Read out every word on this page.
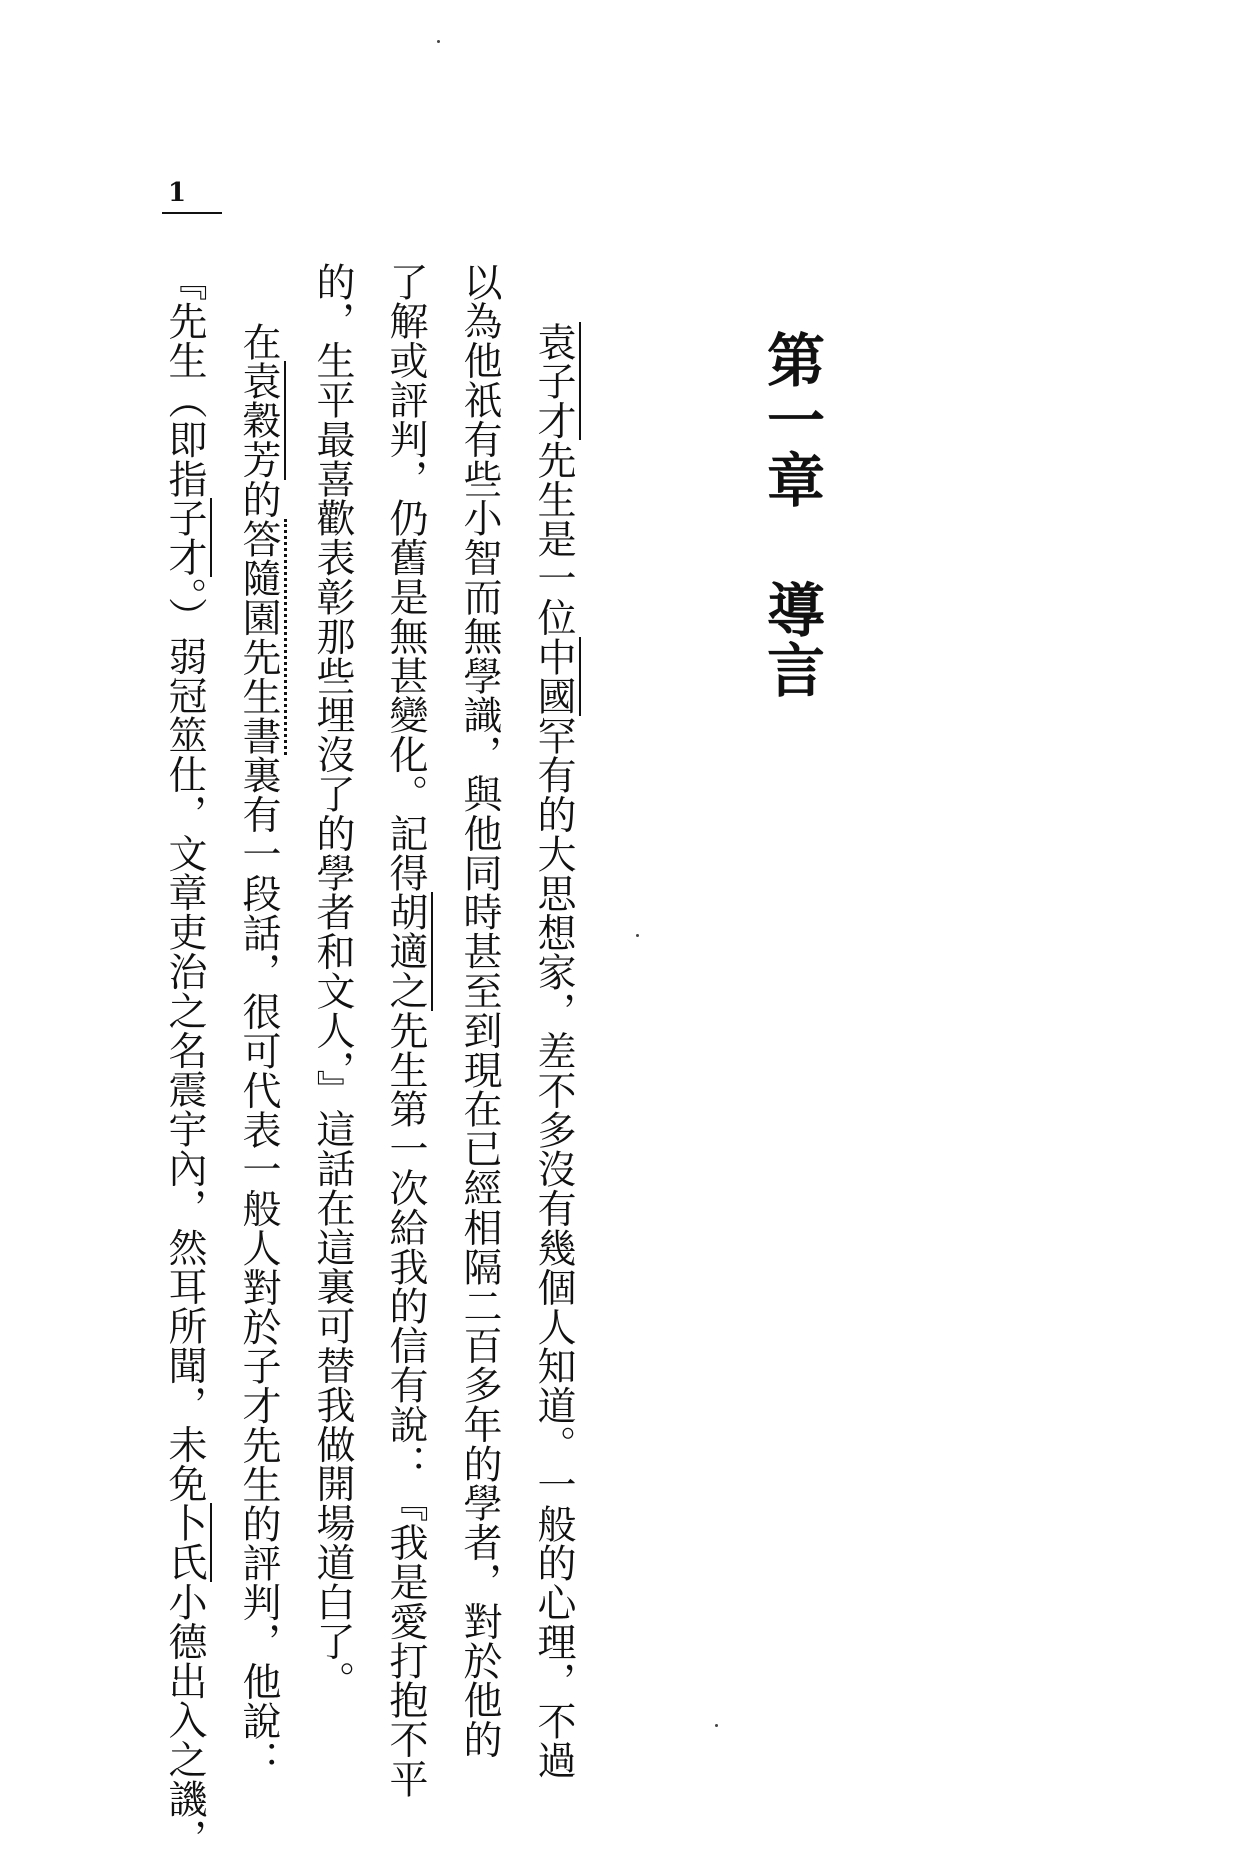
1
第一章導言
袁子才先生是一位中國罕有的大思想家，差不多沒有幾個人知道。一般的心理，不過
以為他祇有些小智而無學識，與他同時甚至到現在已經相隔二百多年的學者，對於他的
了解或評判，仍舊是無甚變化。記得胡適之先生第一次給我的信有說：『我是愛打抱不平
的，生平最喜歡表彰那些埋沒了的學者和文人，』這話在這裏可替我做開場道白了。
在袁穀芳的答隨園先生書裏有一段話，很可代表一般人對於子才先生的評判，他說：
『先生（即指子才。）弱冠筮仕，文章吏治之名震宇內，然耳所聞，未免卜氏小德出入之譏，
